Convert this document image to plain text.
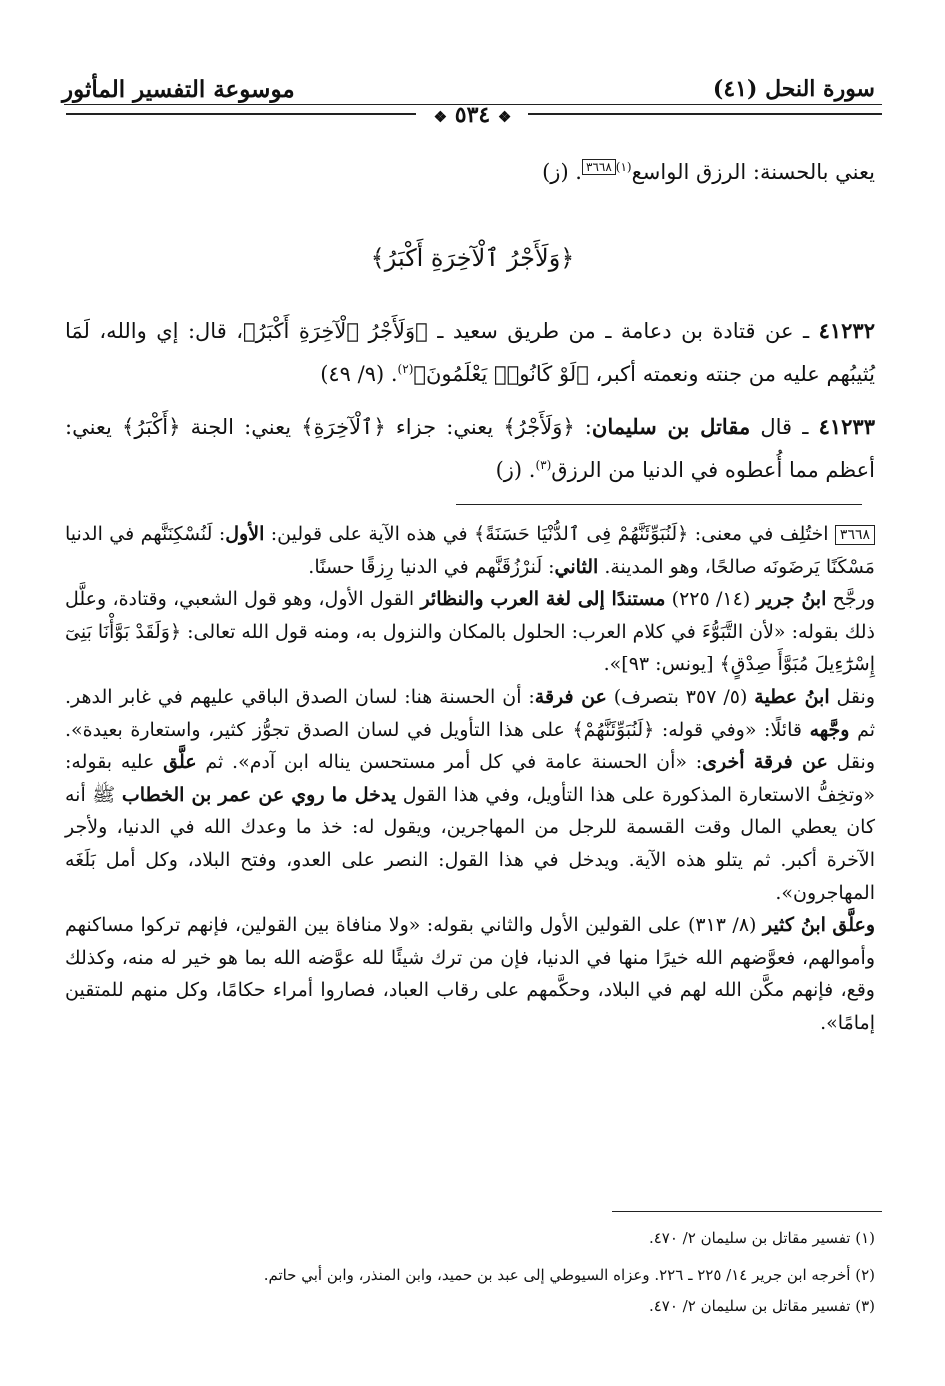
موسوعة التفسير المأثور	سورة النحل (٤١)
❖ ٥٣٤ ❖
يعني بالحسنة: الرزق الواسع$^{(١)}$٣٦٦٨. (ز)
﴿وَلَأَجْرُ ٱلْآخِرَةِ أَكْبَرُ﴾
٤١٢٣٢ ـ عن قتادة بن دعامة ـ من طريق سعيد ـ ﴿وَلَأَجْرُ ٱلْآخِرَةِ أَكْبَرُ﴾، قال: إي والله، لَمَا يُثيبُهم عليه من جنته ونعمته أكبر، ﴿لَوْ كَانُوا۟ يَعْلَمُونَ﴾$^{(٢)}$. (٩/ ٤٩)
٤١٢٣٣ ـ قال مقاتل بن سليمان: ﴿وَلَأَجْرُ﴾ يعني: جزاء ﴿ٱلْآخِرَةِ﴾ يعني: الجنة ﴿أَكْبَرُ﴾ يعني: أعظم مما أُعطوه في الدنيا من الرزق$^{(٣)}$. (ز)
٣٦٦٨ اختُلِف في معنى: ﴿لَنُبَوِّئَنَّهُمْ فِى ٱلدُّنْيَا حَسَنَةً﴾ في هذه الآية على قولين: الأول: لَنُسْكِنَنَّهم في الدنيا مَسْكَنًا يَرضَونَه صالحًا، وهو المدينة. الثاني: لَنرْزُقَنَّهم في الدنيا رِزقًا حسنًا.
ورجَّح ابنُ جرير (١٤/ ٢٢٥) مستندًا إلى لغة العرب والنظائر القول الأول، وهو قول الشعبي، وقتادة، وعلَّل ذلك بقوله: «لأن التَّبَوُّءَ في كلام العرب: الحلول بالمكان والنزول به، ومنه قول الله تعالى: ﴿وَلَقَدْ بَوَّأْنَا بَنِىٓ إِسْرَٰٓءِيلَ مُبَوَّأَ صِدْقٍ﴾ [يونس: ٩٣]».
ونقل ابنُ عطية (٥/ ٣٥٧ بتصرف) عن فرقة: أن الحسنة هنا: لسان الصدق الباقي عليهم في غابر الدهر. ثم وجَّهه قائلًا: «وفي قوله: ﴿لَنُبَوِّئَنَّهُمْ﴾ على هذا التأويل في لسان الصدق تجوُّز كثير، واستعارة بعيدة». ونقل عن فرقة أخرى: «أن الحسنة عامة في كل أمر مستحسن يناله ابن آدم». ثم علَّق عليه بقوله: «وتخِفُّ الاستعارة المذكورة على هذا التأويل، وفي هذا القول يدخل ما روي عن عمر بن الخطاب ﷺ أنه كان يعطي المال وقت القسمة للرجل من المهاجرين، ويقول له: خذ ما وعدك الله في الدنيا، ولأجر الآخرة أكبر. ثم يتلو هذه الآية. ويدخل في هذا القول: النصر على العدو، وفتح البلاد، وكل أمل بَلَغَه المهاجرون».
وعلَّق ابنُ كثير (٨/ ٣١٣) على القولين الأول والثاني بقوله: «ولا منافاة بين القولين، فإنهم تركوا مساكنهم وأموالهم، فعوَّضهم الله خيرًا منها في الدنيا، فإن من ترك شيئًا لله عوَّضه الله بما هو خير له منه، وكذلك وقع، فإنهم مكَّن الله لهم في البلاد، وحكَّمهم على رقاب العباد، فصاروا أمراء حكامًا، وكل منهم للمتقين إمامًا».
(١) تفسير مقاتل بن سليمان ٢/ ٤٧٠.
(٢) أخرجه ابن جرير ١٤/ ٢٢٥ ـ ٢٢٦. وعزاه السيوطي إلى عبد بن حميد، وابن المنذر، وابن أبي حاتم.
(٣) تفسير مقاتل بن سليمان ٢/ ٤٧٠.
